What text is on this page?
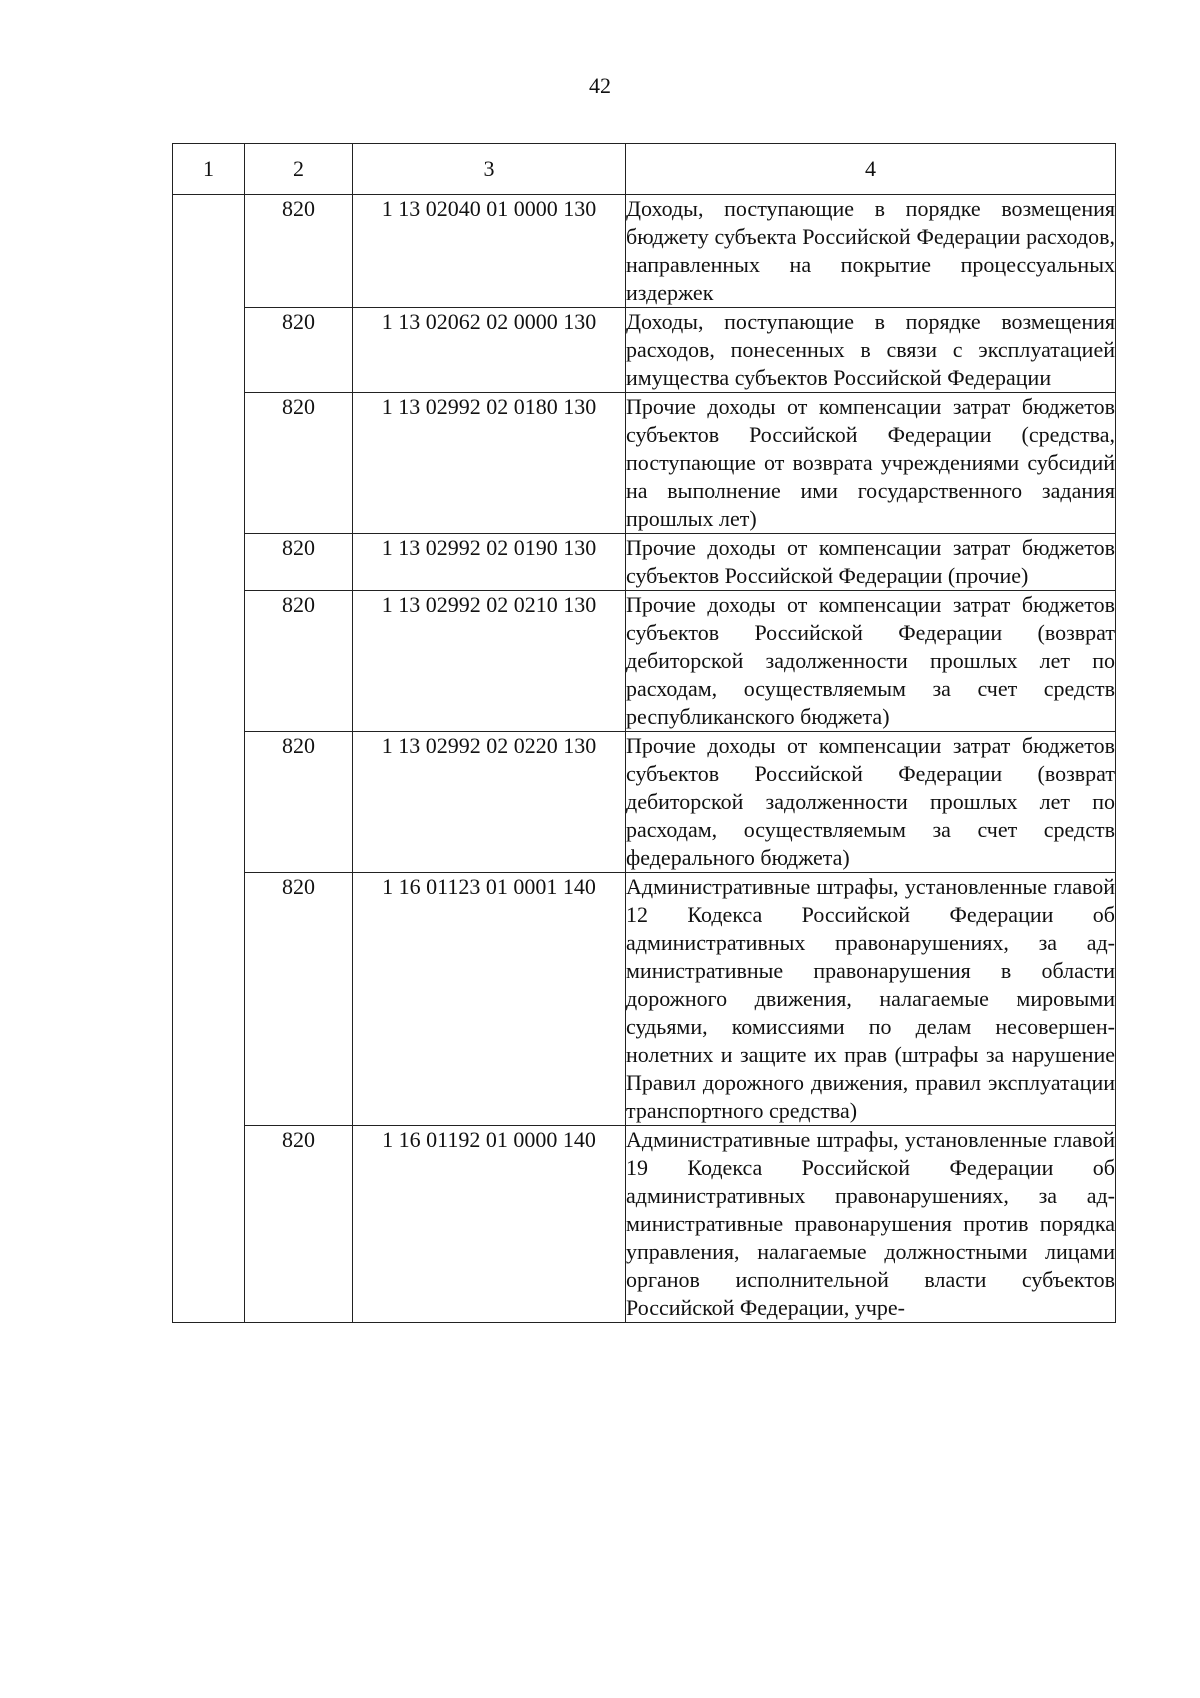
42
1	2	3	4
	820	1 13 02040 01 0000 130	Доходы, поступающие в порядке возмещения бюджету субъекта Российской Федерации расходов, направленных на покрытие процессуальных издержек
	820	1 13 02062 02 0000 130	Доходы, поступающие в порядке возмещения расходов, понесенных в связи с эксплуатацией имущества субъектов Российской Федерации
	820	1 13 02992 02 0180 130	Прочие доходы от компенсации затрат бюджетов субъектов Российской Федерации (средства, поступающие от возврата учреждениями субсидий на выполнение ими государственного задания прошлых лет)
	820	1 13 02992 02 0190 130	Прочие доходы от компенсации затрат бюджетов субъектов Российской Федерации (прочие)
	820	1 13 02992 02 0210 130	Прочие доходы от компенсации затрат бюджетов субъектов Российской Федерации (возврат дебиторской задолженности прошлых лет по расходам, осуществляемым за счет средств республиканского бюджета)
	820	1 13 02992 02 0220 130	Прочие доходы от компенсации затрат бюджетов субъектов Российской Федерации (возврат дебиторской задолженности прошлых лет по расходам, осуществляемым за счет средств федерального бюджета)
	820	1 16 01123 01 0001 140	Административные штрафы, установленные главой 12 Кодекса Российской Федерации об административных правонарушениях, за административные правонарушения в области дорожного движения, налагаемые мировыми судьями, комиссиями по делам несовершеннолетних и защите их прав (штрафы за нарушение Правил дорожного движения, правил эксплуатации транспортного средства)
	820	1 16 01192 01 0000 140	Административные штрафы, установленные главой 19 Кодекса Российской Федерации об административных правонарушениях, за административные правонарушения против порядка управления, налагаемые должностными лицами органов исполнительной власти субъектов Российской Федерации, учре-
